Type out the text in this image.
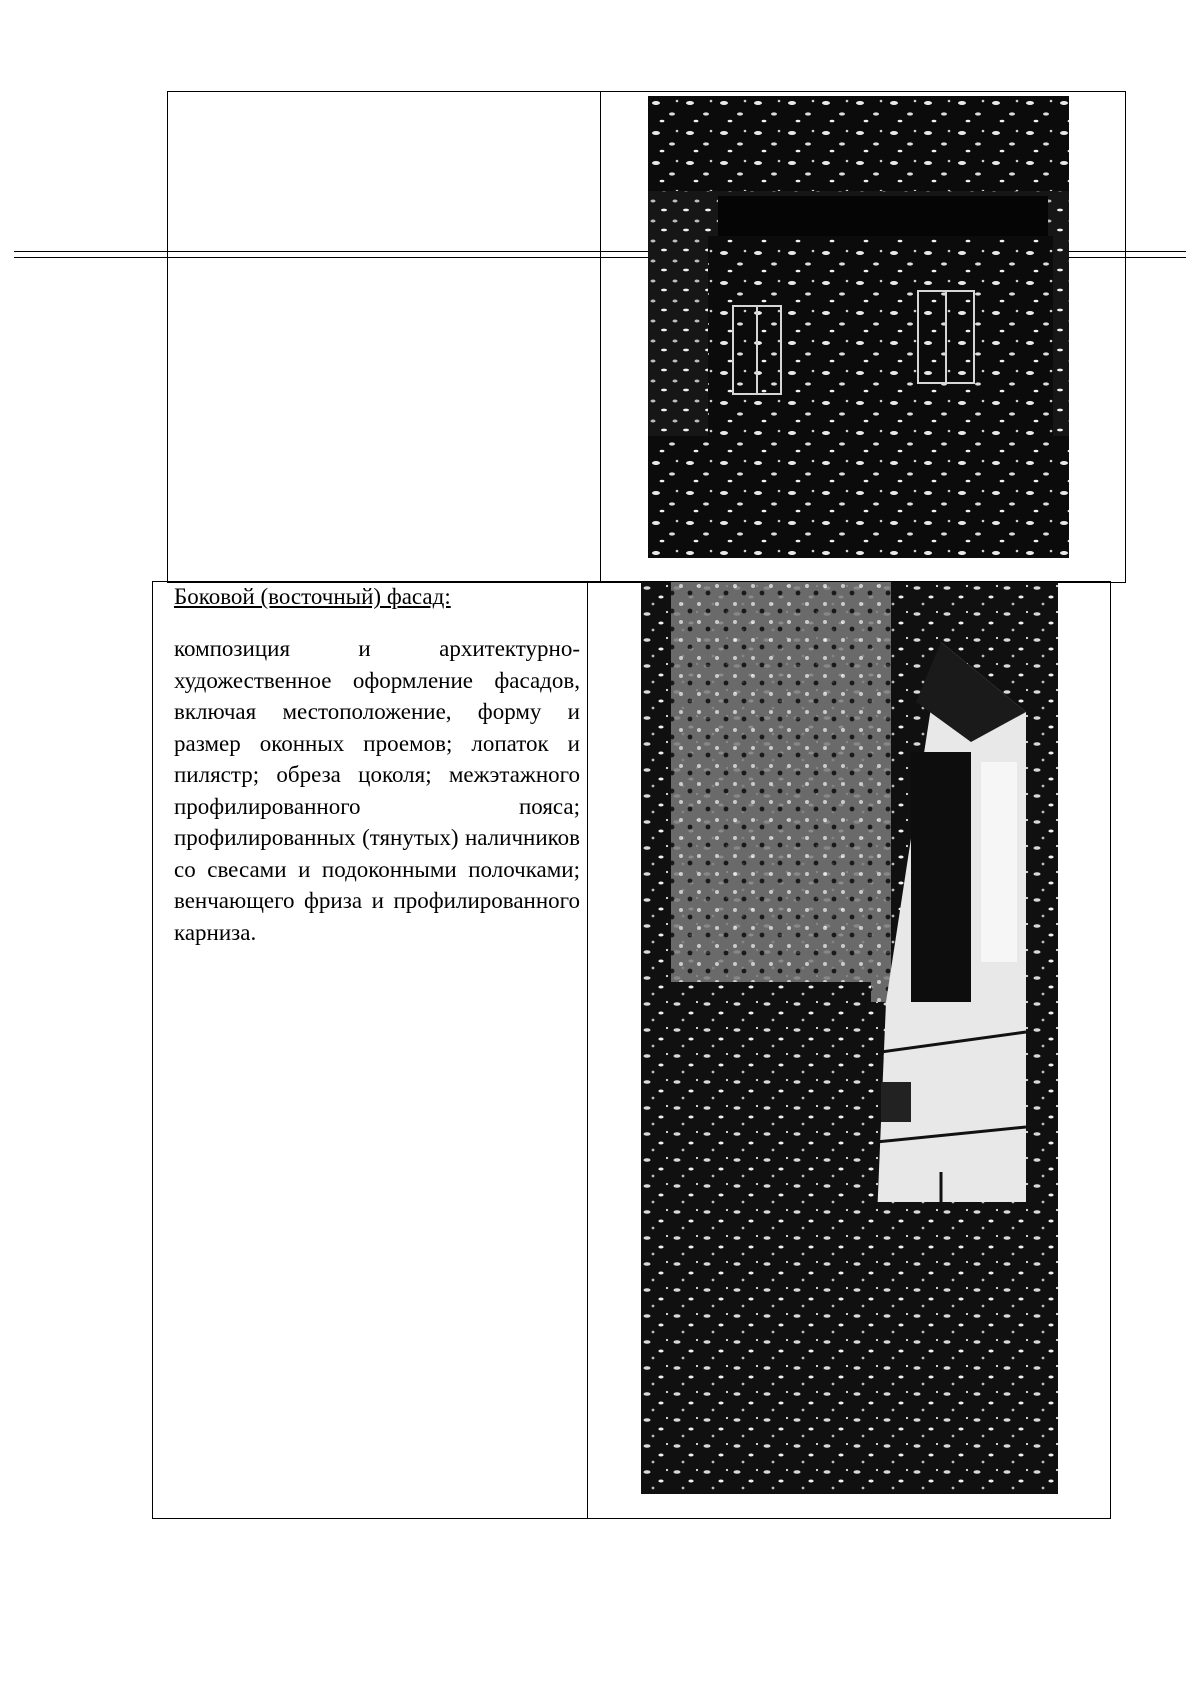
Боковой (восточный) фасад:
композиция и архитектурно-художественное оформление фасадов, включая местоположение, форму и размер оконных проемов; лопаток и пилястр; обреза цоколя; межэтажного профилированного пояса; профилированных (тянутых) наличников со свесами и подоконными полочками; венчающего фриза и профилированного карниза.
